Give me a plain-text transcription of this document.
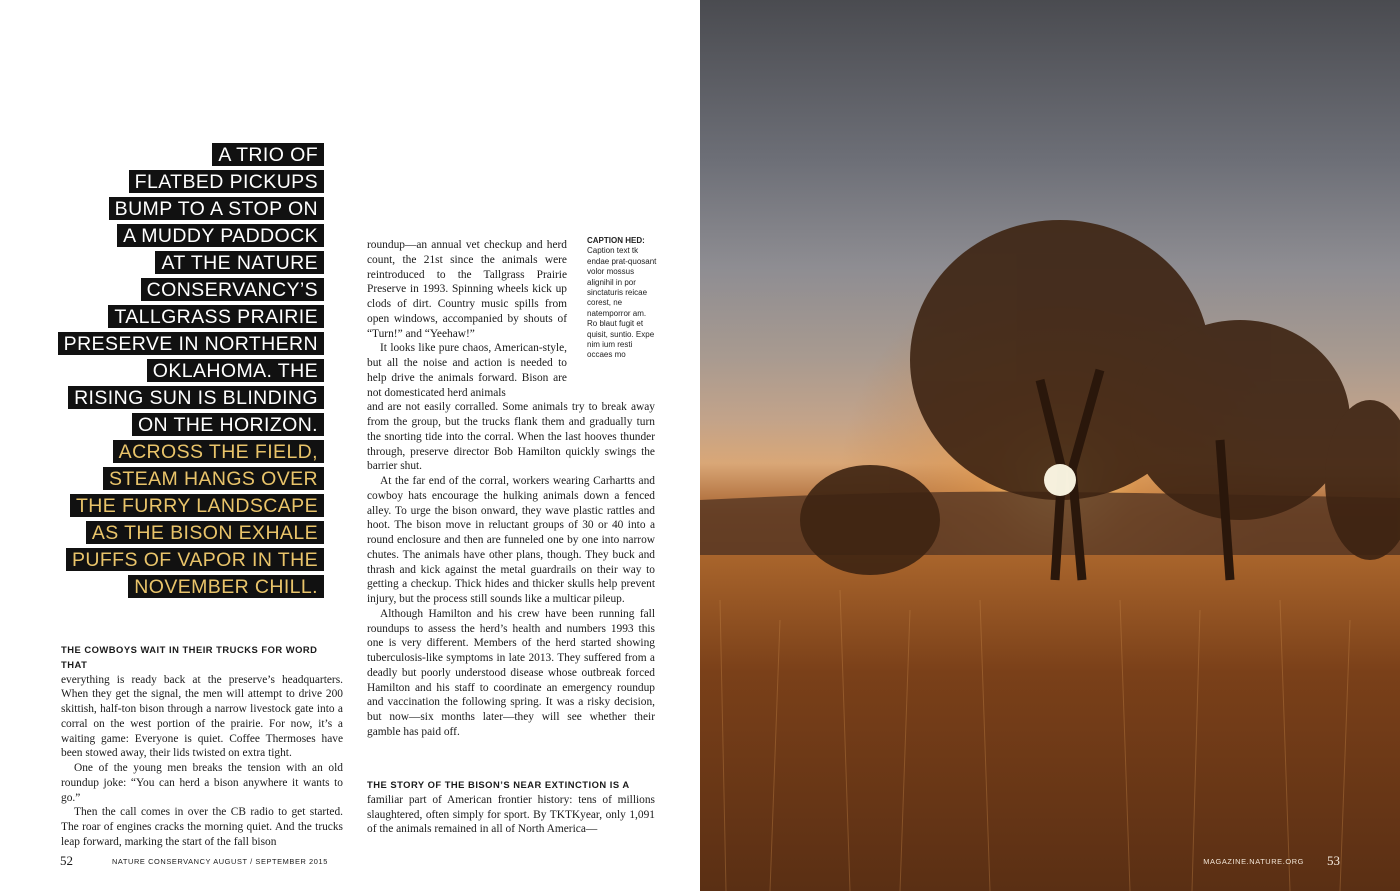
A TRIO OF
FLATBED PICKUPS
BUMP TO A STOP ON
A MUDDY PADDOCK
AT THE NATURE
CONSERVANCY’S
TALLGRASS PRAIRIE
PRESERVE IN NORTHERN
OKLAHOMA. THE
RISING SUN IS BLINDING
ON THE HORIZON.
ACROSS THE FIELD,
STEAM HANGS OVER
THE FURRY LANDSCAPE
AS THE BISON EXHALE
PUFFS OF VAPOR IN THE
NOVEMBER CHILL.
THE COWBOYS WAIT IN THEIR TRUCKS FOR WORD THAT

everything is ready back at the preserve’s headquarters. When they get the signal, the men will attempt to drive 200 skittish, half-ton bison through a narrow livestock gate into a corral on the west portion of the prairie. For now, it’s a waiting game: Everyone is quiet. Coffee Thermoses have been stowed away, their lids twisted on extra tight.

One of the young men breaks the tension with an old roundup joke: “You can herd a bison anywhere it wants to go.”

Then the call comes in over the CB radio to get started. The roar of engines cracks the morning quiet. And the trucks leap forward, marking the start of the fall bison

roundup—an annual vet checkup and herd count, the 21st since the animals were reintroduced to the Tallgrass Prairie Preserve in 1993. Spinning wheels kick up clods of dirt. Country music spills from open windows, accompanied by shouts of “Turn!” and “Yeehaw!”

It looks like pure chaos, American-style, but all the noise and action is needed to help drive the animals forward. Bison are not domesticated herd animals

and are not easily corralled. Some animals try to break away from the group, but the trucks flank them and gradually turn the snorting tide into the corral. When the last hooves thunder through, preserve director Bob Hamilton quickly swings the barrier shut.

At the far end of the corral, workers wearing Carhartts and cowboy hats encourage the hulking animals down a fenced alley. To urge the bison onward, they wave plastic rattles and hoot. The bison move in reluctant groups of 30 or 40 into a round enclosure and then are funneled one by one into narrow chutes. The animals have other plans, though. They buck and thrash and kick against the metal guardrails on their way to getting a checkup. Thick hides and thicker skulls help prevent injury, but the process still sounds like a multicar pileup.

Although Hamilton and his crew have been running fall roundups to assess the herd’s health and numbers 1993 this one is very different. Members of the herd started showing tuberculosis-like symptoms in late 2013. They suffered from a deadly but poorly understood disease whose outbreak forced Hamilton and his staff to coordinate an emergency roundup and vaccination the following spring. It was a risky decision, but now—six months later—they will see whether their gamble has paid off.

THE STORY OF THE BISON’S NEAR EXTINCTION IS A

familiar part of American frontier history: tens of millions slaughtered, often simply for sport. By TKTKyear, only 1,091 of the animals remained in all of North America—

CAPTION HED:
Caption text tk endae prat-quosant volor mossus alignihil in por sinctaturis reicae corest, ne natemporror am. Ro blaut fugit et quisit, suntio. Expe nim ium resti occaes mo
52	NATURE CONSERVANCY AUGUST / SEPTEMBER 2015	MAGAZINE.NATURE.ORG 53
